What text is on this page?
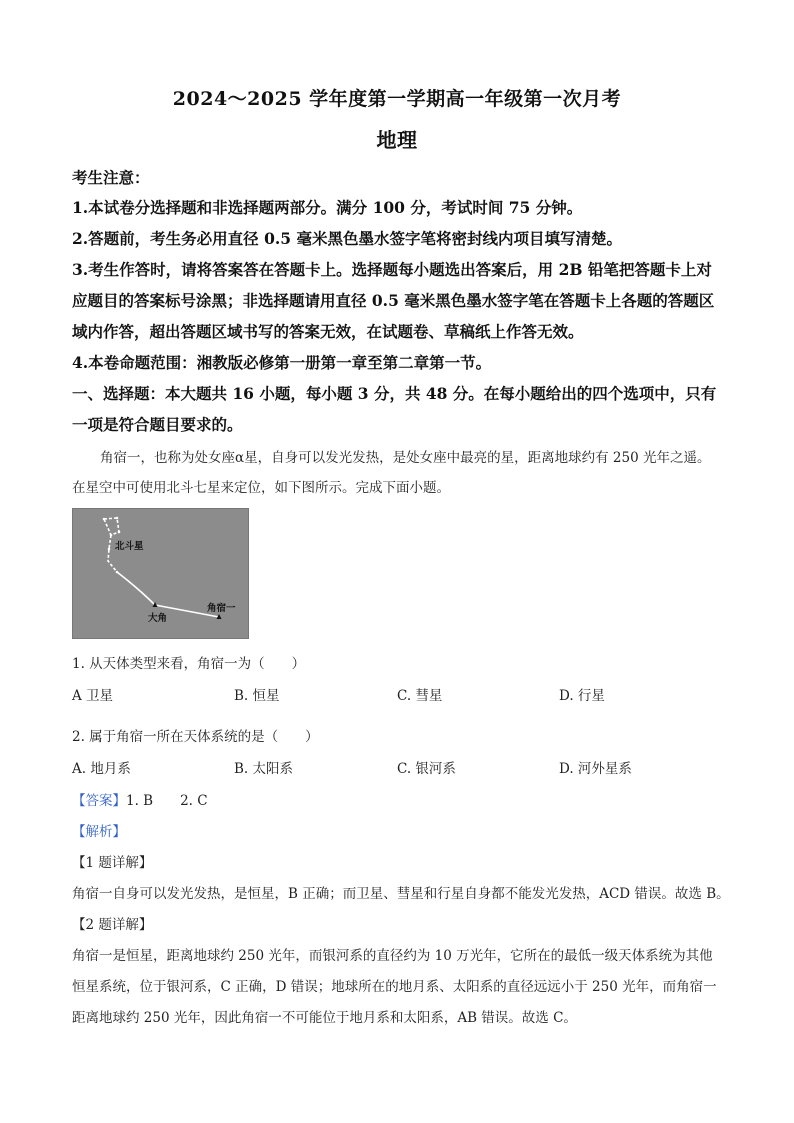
2024～2025 学年度第一学期高一年级第一次月考
地理
考生注意：
1.本试卷分选择题和非选择题两部分。满分 100 分，考试时间 75 分钟。
2.答题前，考生务必用直径 0.5 毫米黑色墨水签字笔将密封线内项目填写清楚。
3.考生作答时，请将答案答在答题卡上。选择题每小题选出答案后，用 2B 铅笔把答题卡上对
应题目的答案标号涂黑；非选择题请用直径 0.5 毫米黑色墨水签字笔在答题卡上各题的答题区
域内作答，超出答题区域书写的答案无效，在试题卷、草稿纸上作答无效。
4.本卷命题范围：湘教版必修第一册第一章至第二章第一节。
一、选择题：本大题共 16 小题，每小题 3 分，共 48 分。在每小题给出的四个选项中，只有
一项是符合题目要求的。
角宿一，也称为处女座α星，自身可以发光发热，是处女座中最亮的星，距离地球约有 250 光年之遥。
在星空中可使用北斗七星来定位，如下图所示。完成下面小题。
北斗星
大角
角宿一
1. 从天体类型来看，角宿一为（　　）
A 卫星	B. 恒星	C. 彗星	D. 行星
2. 属于角宿一所在天体系统的是（　　）
A. 地月系	B. 太阳系	C. 银河系	D. 河外星系
【答案】1. B　　2. C
【解析】
【1 题详解】
角宿一自身可以发光发热，是恒星，B 正确；而卫星、彗星和行星自身都不能发光发热，ACD 错误。故选 B。
【2 题详解】
角宿一是恒星，距离地球约 250 光年，而银河系的直径约为 10 万光年，它所在的最低一级天体系统为其他
恒星系统，位于银河系，C 正确，D 错误；地球所在的地月系、太阳系的直径远远小于 250 光年，而角宿一
距离地球约 250 光年，因此角宿一不可能位于地月系和太阳系，AB 错误。故选 C。
